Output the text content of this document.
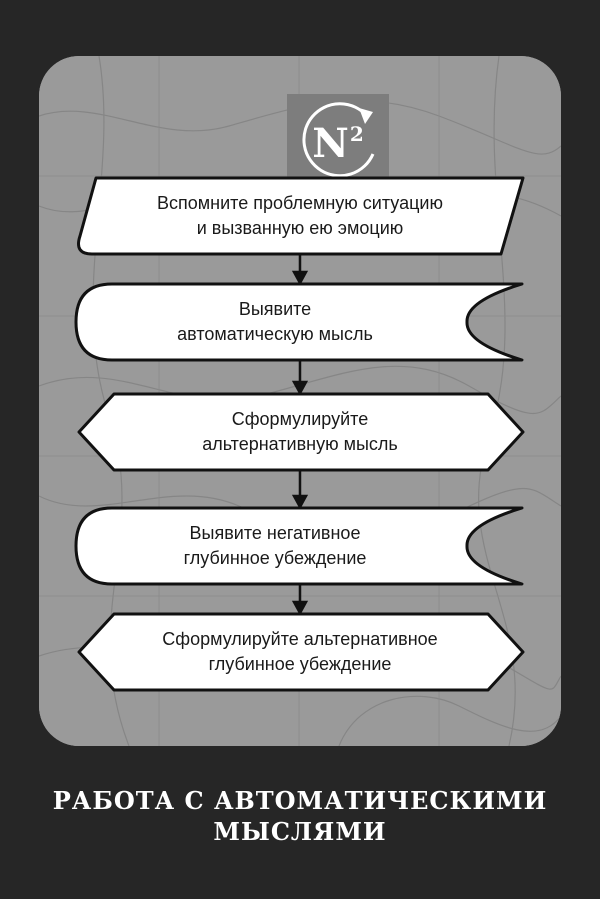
$N^2$
Вспомните проблемную ситуацию
и вызванную ею эмоцию
Выявите
автоматическую мысль
Сформулируйте
альтернативную мысль
Выявите негативное
глубинное убеждение
Сформулируйте альтернативное
глубинное убеждение
РАБОТА С АВТОМАТИЧЕСКИМИ
МЫСЛЯМИ
